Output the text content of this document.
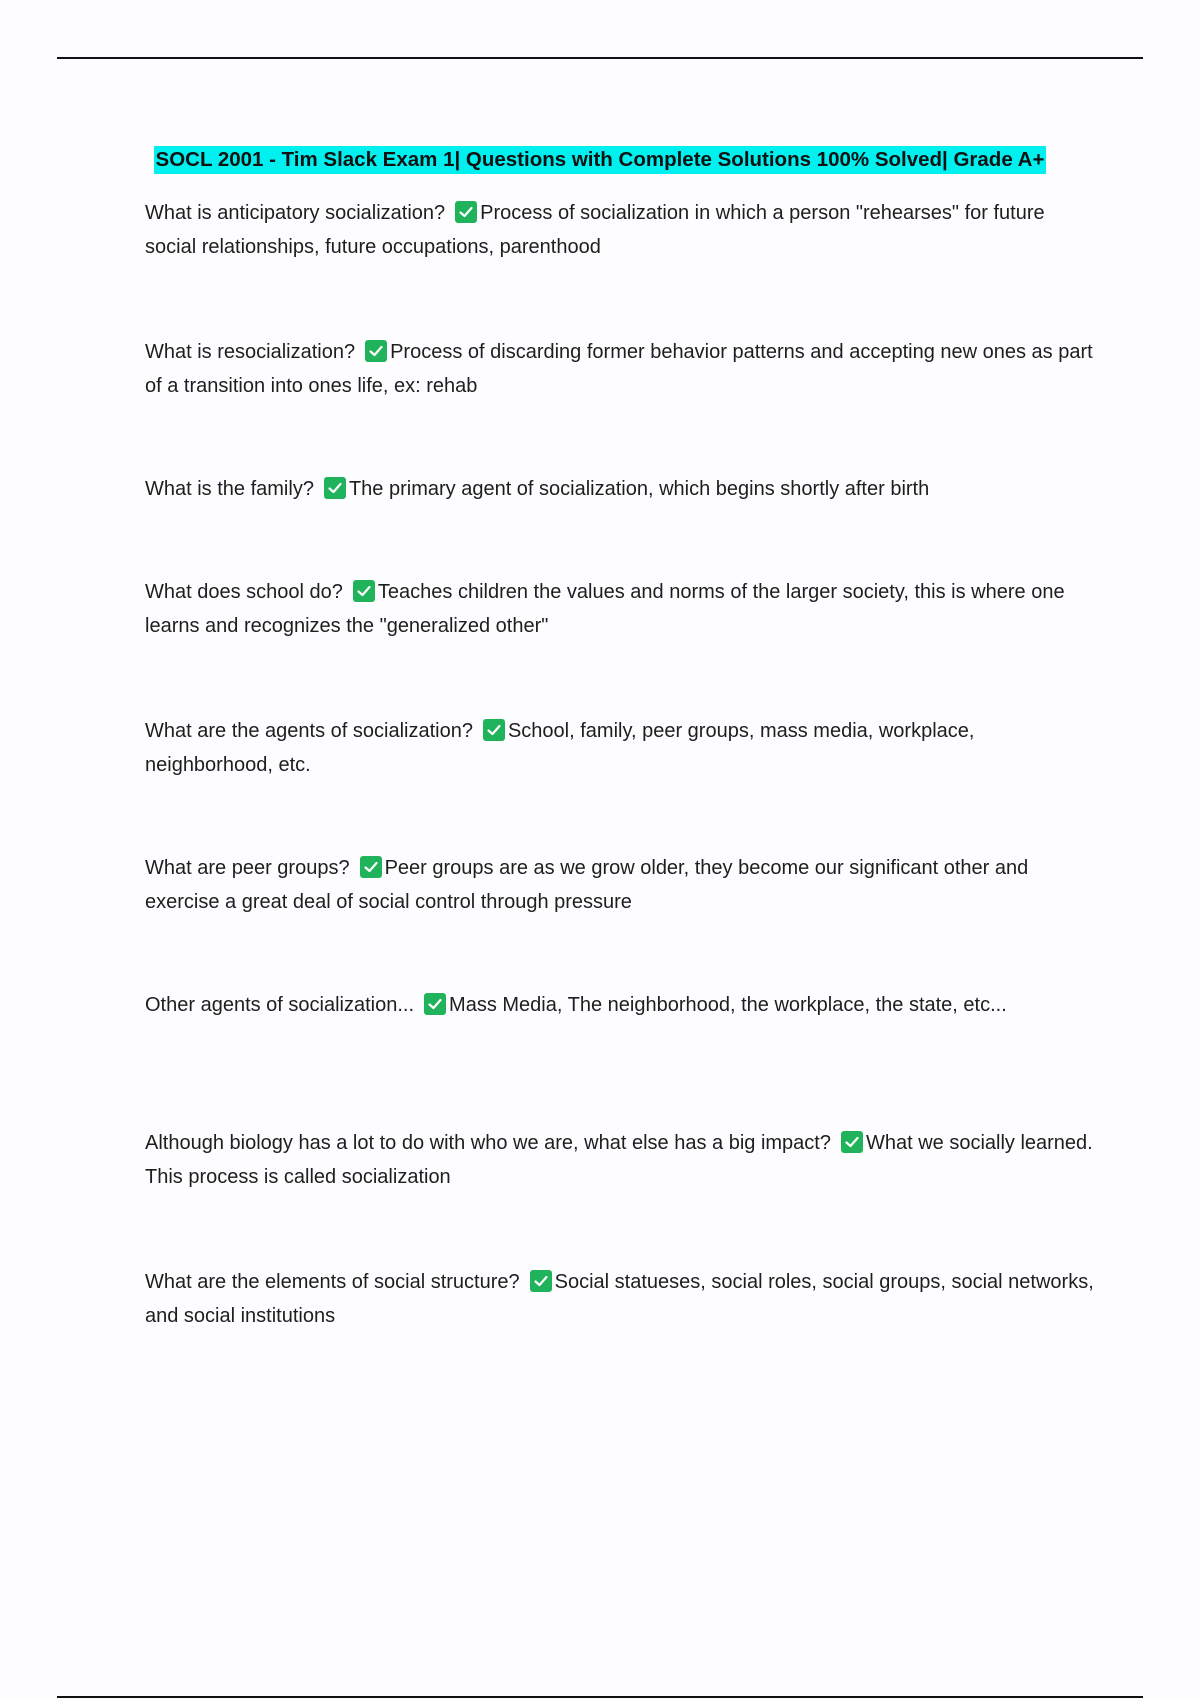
SOCL 2001 - Tim Slack Exam 1| Questions with Complete Solutions 100% Solved| Grade A+
What is anticipatory socialization? Process of socialization in which a person "rehearses" for future social relationships, future occupations, parenthood
What is resocialization? Process of discarding former behavior patterns and accepting new ones as part of a transition into ones life, ex: rehab
What is the family? The primary agent of socialization, which begins shortly after birth
What does school do? Teaches children the values and norms of the larger society, this is where one learns and recognizes the "generalized other"
What are the agents of socialization? School, family, peer groups, mass media, workplace, neighborhood, etc.
What are peer groups? Peer groups are as we grow older, they become our significant other and exercise a great deal of social control through pressure
Other agents of socialization... Mass Media, The neighborhood, the workplace, the state, etc...
Although biology has a lot to do with who we are, what else has a big impact? What we socially learned. This process is called socialization
What are the elements of social structure? Social statueses, social roles, social groups, social networks, and social institutions
